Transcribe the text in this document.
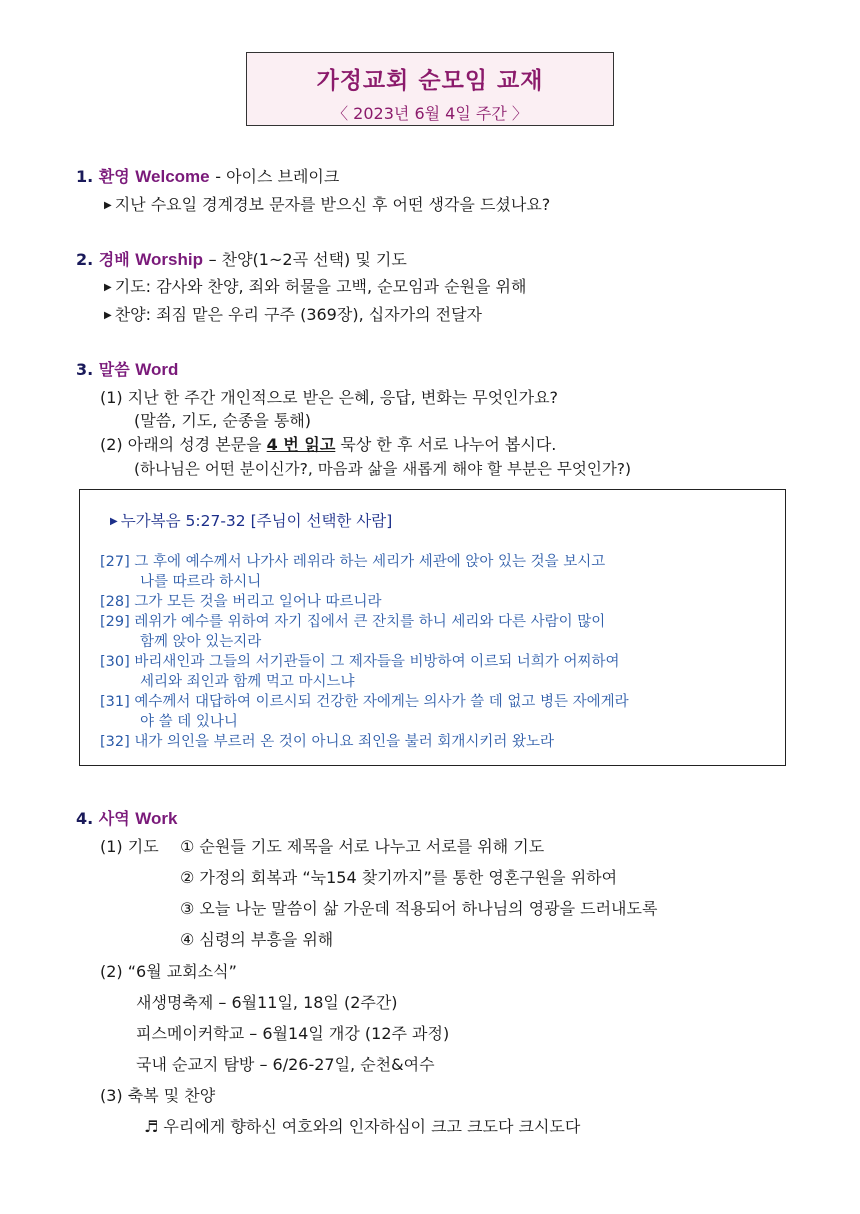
가정교회 순모임 교재
〈 2023년 6월 4일 주간 〉
1. 환영 Welcome - 아이스 브레이크
▶ 지난 수요일 경계경보 문자를 받으신 후 어떤 생각을 드셨나요?
2. 경배 Worship – 찬양(1~2곡 선택) 및 기도
▶ 기도: 감사와 찬양, 죄와 허물을 고백, 순모임과 순원을 위해
▶ 찬양: 죄짐 맡은 우리 구주 (369장), 십자가의 전달자
3. 말씀 Word
(1) 지난 한 주간 개인적으로 받은 은혜, 응답, 변화는 무엇인가요?
(말씀, 기도, 순종을 통해)
(2) 아래의 성경 본문을 4 번 읽고 묵상 한 후 서로 나누어 봅시다.
(하나님은 어떤 분이신가?, 마음과 삶을 새롭게 해야 할 부분은 무엇인가?)
▶ 누가복음 5:27-32 [주님이 선택한 사람]
[27] 그 후에 예수께서 나가사 레위라 하는 세리가 세관에 앉아 있는 것을 보시고
나를 따르라 하시니
[28] 그가 모든 것을 버리고 일어나 따르니라
[29] 레위가 예수를 위하여 자기 집에서 큰 잔치를 하니 세리와 다른 사람이 많이
함께 앉아 있는지라
[30] 바리새인과 그들의 서기관들이 그 제자들을 비방하여 이르되 너희가 어찌하여
세리와 죄인과 함께 먹고 마시느냐
[31] 예수께서 대답하여 이르시되 건강한 자에게는 의사가 쓸 데 없고 병든 자에게라
야 쓸 데 있나니
[32] 내가 의인을 부르러 온 것이 아니요 죄인을 불러 회개시키러 왔노라
4. 사역 Work
(1) 기도 ① 순원들 기도 제목을 서로 나누고 서로를 위해 기도
② 가정의 회복과 “눅154 찾기까지”를 통한 영혼구원을 위하여
③ 오늘 나눈 말씀이 삶 가운데 적용되어 하나님의 영광을 드러내도록
④ 심령의 부흥을 위해
(2) “6월 교회소식”
새생명축제 – 6월11일, 18일 (2주간)
피스메이커학교 – 6월14일 개강 (12주 과정)
국내 순교지 탐방 – 6/26-27일, 순천&여수
(3) 축복 및 찬양
♬ 우리에게 향하신 여호와의 인자하심이 크고 크도다 크시도다
